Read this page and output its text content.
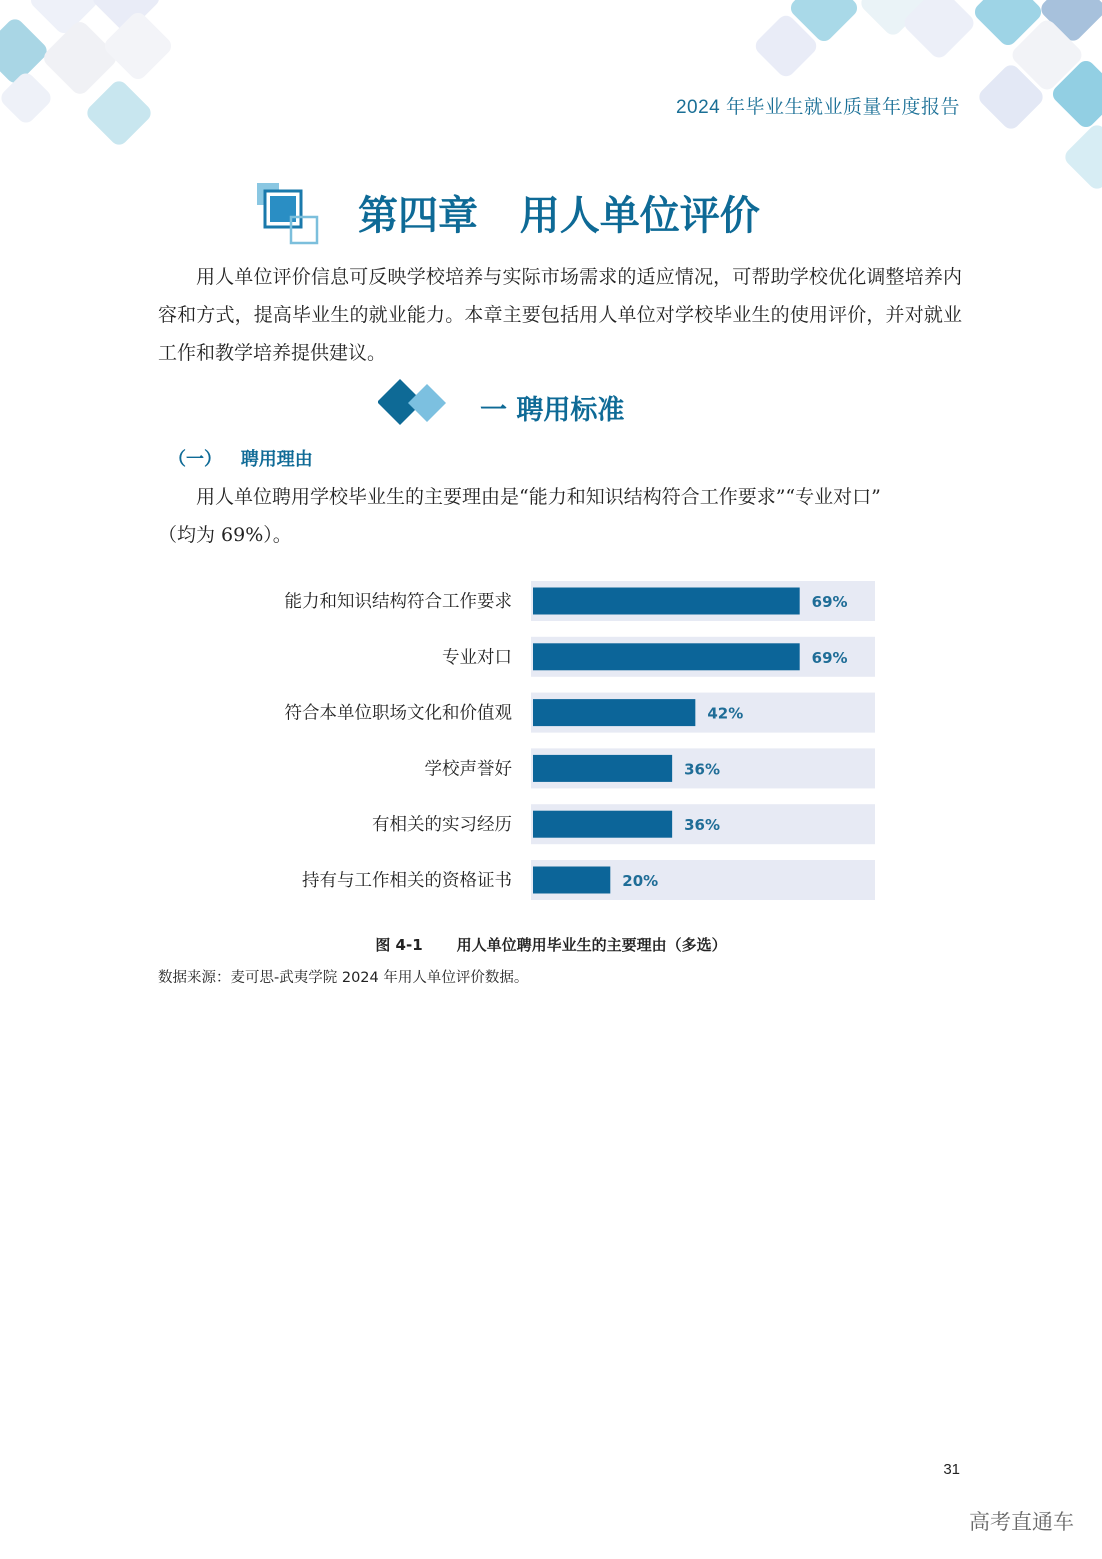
2024 年毕业生就业质量年度报告
第四章   用人单位评价
用人单位评价信息可反映学校培养与实际市场需求的适应情况，可帮助学校优化调整培养内容和方式，提高毕业生的就业能力。本章主要包括用人单位对学校毕业生的使用评价，并对就业工作和教学培养提供建议。
一 聘用标准
（一）   聘用理由
用人单位聘用学校毕业生的主要理由是“能力和知识结构符合工作要求”“专业对口”
（均为 69%）。
能力和知识结构符合工作要求	69%
专业对口	69%
符合本单位职场文化和价值观	42%
学校声誉好	36%
有相关的实习经历	36%
持有与工作相关的资格证书	20%
图 4-1 用人单位聘用毕业生的主要理由（多选）
数据来源：麦可思-武夷学院 2024 年用人单位评价数据。
31
高考直通车
